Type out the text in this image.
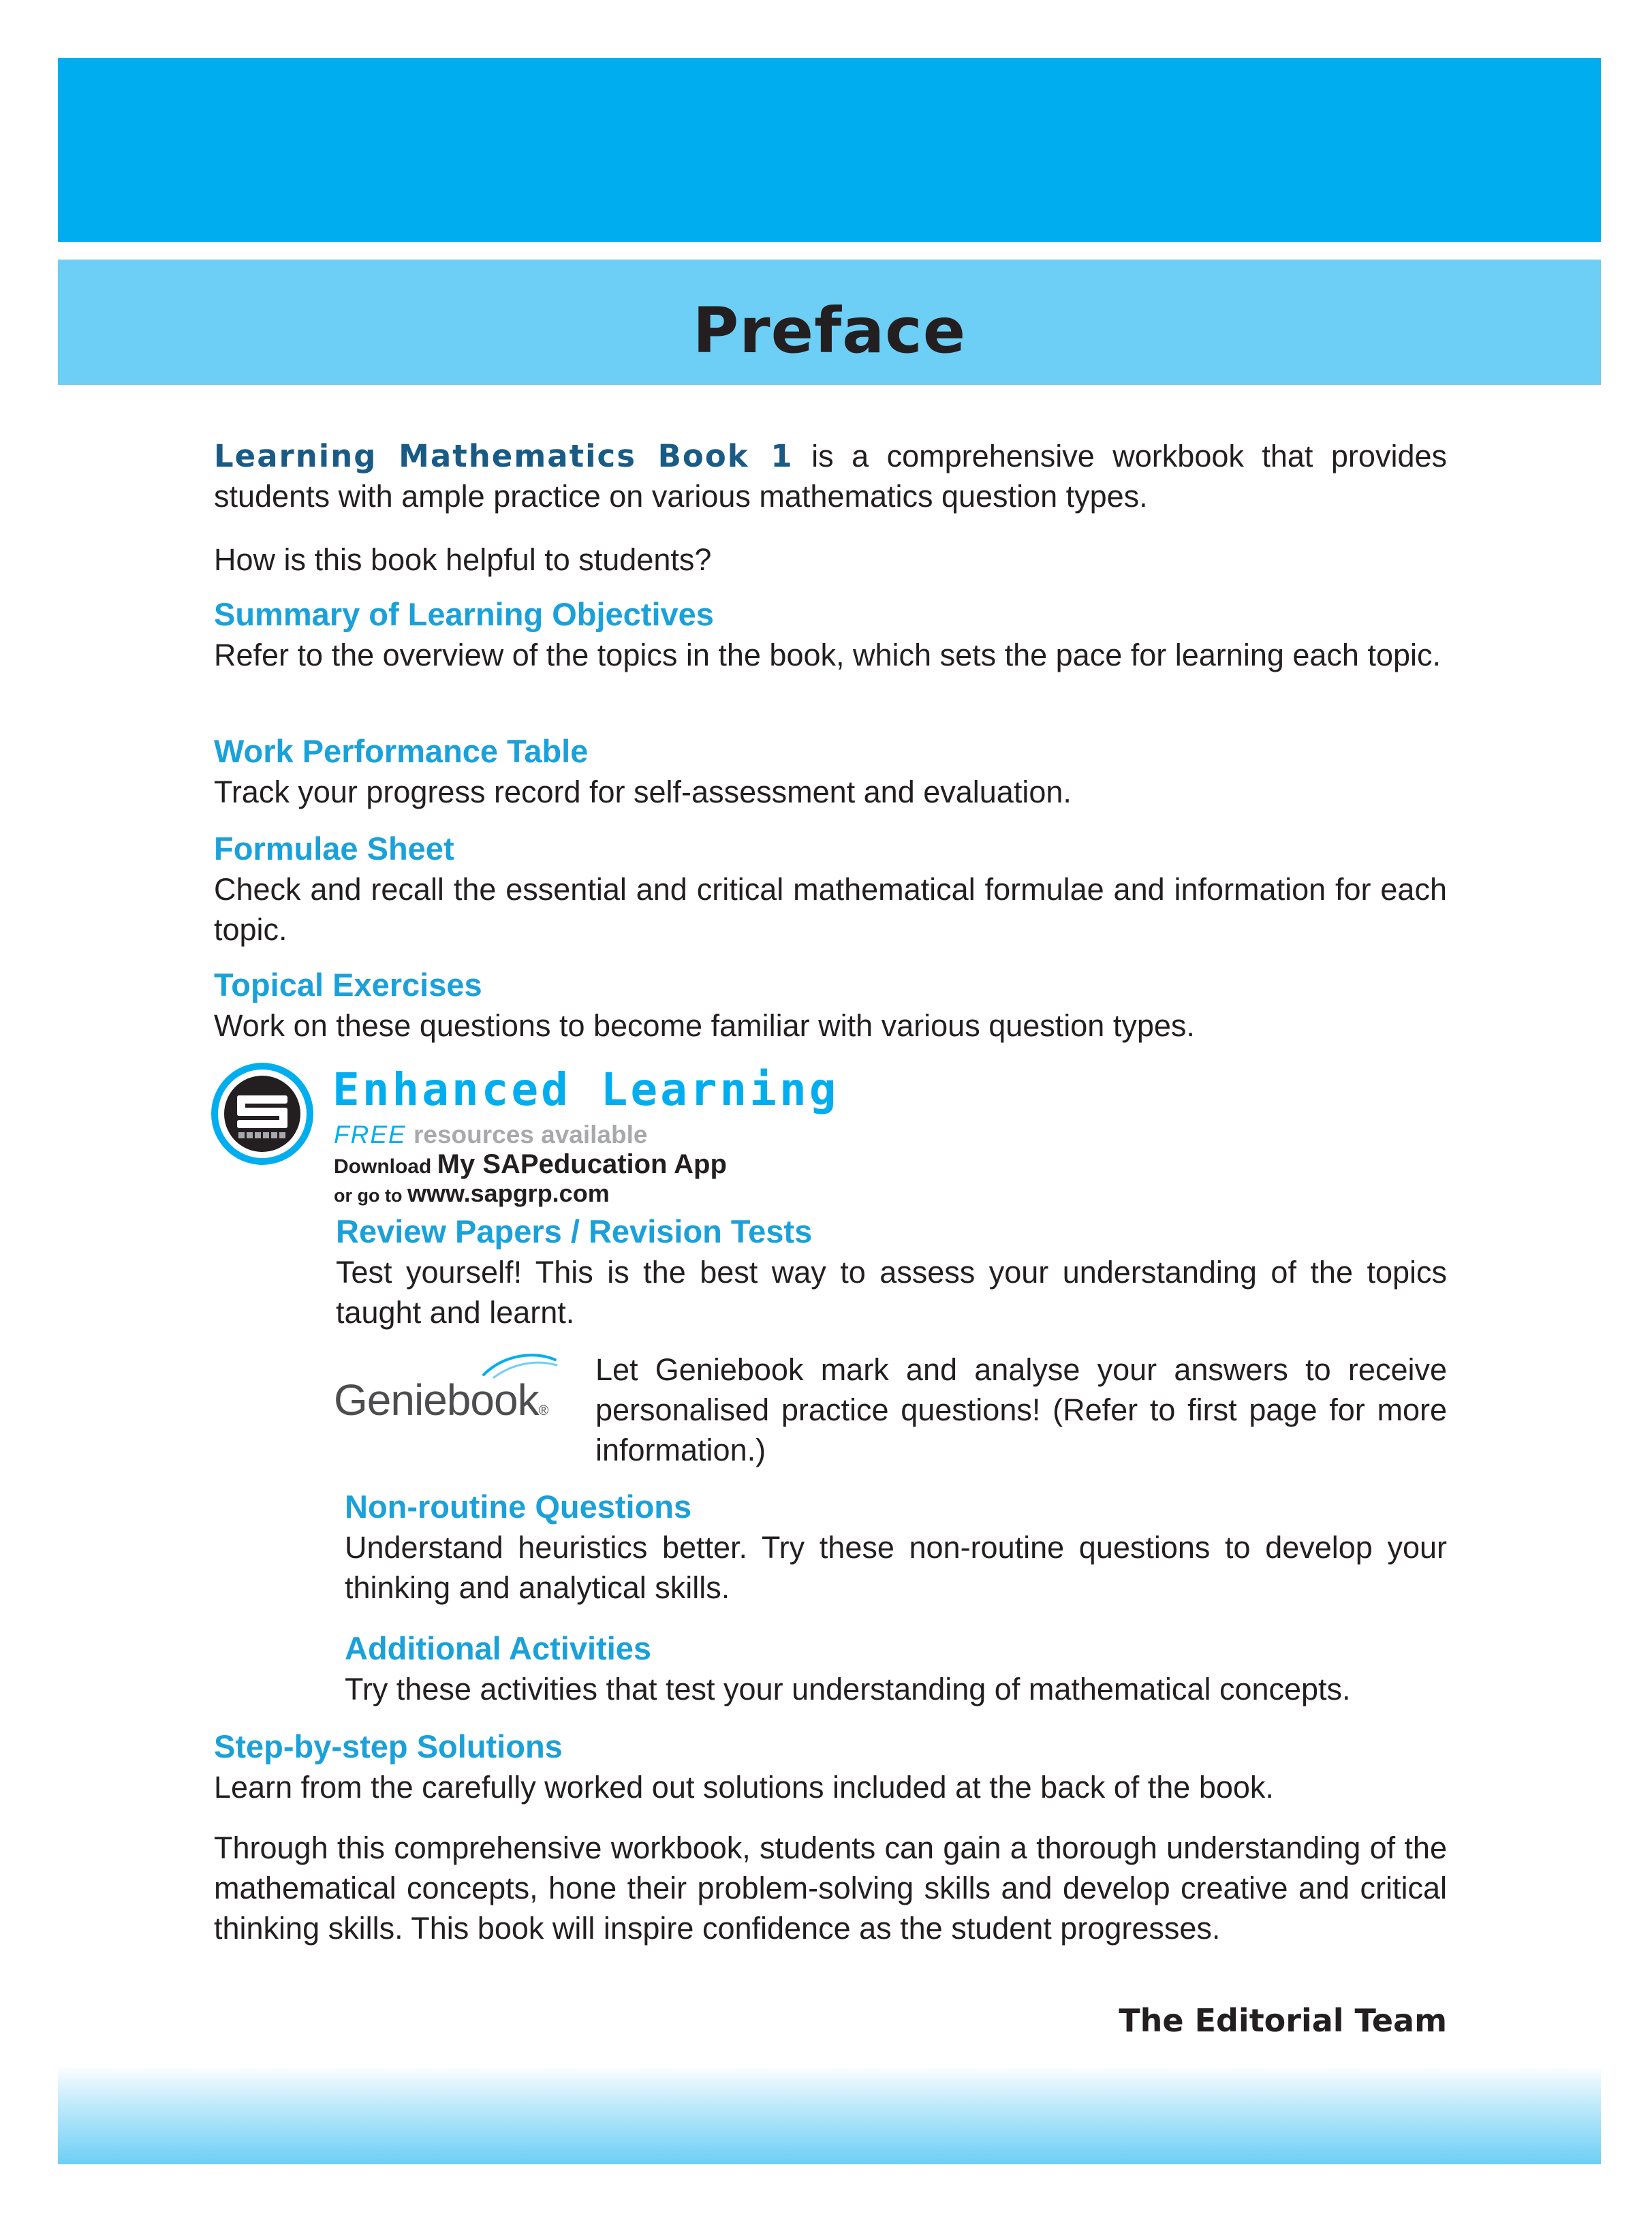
Preface

Learning Mathematics Book 1 is a comprehensive workbook that provides students with ample practice on various mathematics question types.

How is this book helpful to students?

Summary of Learning Objectives

Refer to the overview of the topics in the book, which sets the pace for learning each topic.

Work Performance Table

Track your progress record for self-assessment and evaluation.

Formulae Sheet

Check and recall the essential and critical mathematical formulae and information for each topic.

Topical Exercises

Work on these questions to become familiar with various question types.

Enhanced Learning
FREE resources available
Download My SAPeducation App
or go to www.sapgrp.com

Review Papers / Revision Tests

Test yourself! This is the best way to assess your understanding of the topics taught and learnt.

Geniebook®

Let Geniebook mark and analyse your answers to receive personalised practice questions! (Refer to first page for more information.)

Non-routine Questions

Understand heuristics better. Try these non-routine questions to develop your thinking and analytical skills.

Additional Activities

Try these activities that test your understanding of mathematical concepts.

Step-by-step Solutions

Learn from the carefully worked out solutions included at the back of the book.

Through this comprehensive workbook, students can gain a thorough understanding of the mathematical concepts, hone their problem-solving skills and develop creative and critical thinking skills. This book will inspire confidence as the student progresses.

The Editorial Team
